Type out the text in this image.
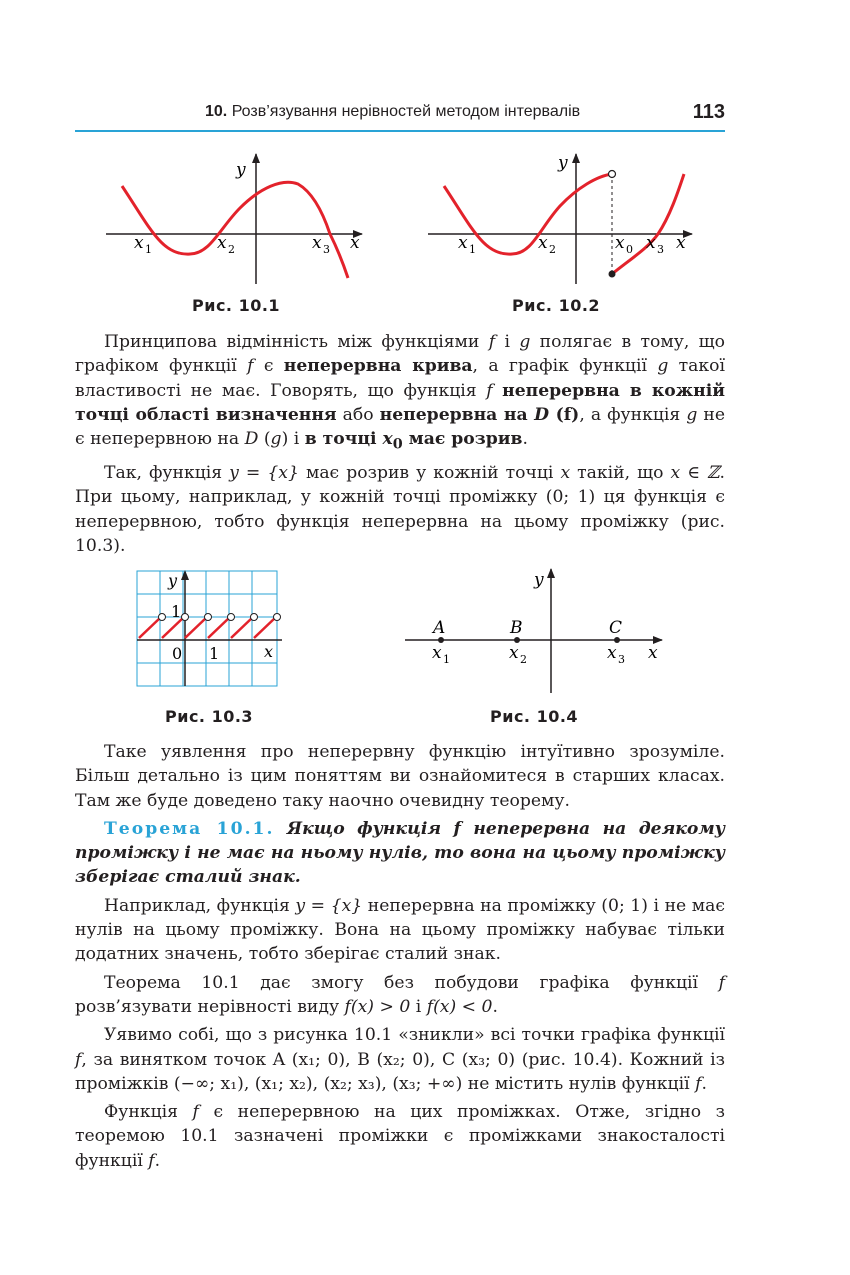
10. Розв’язування нерівностей методом інтервалів	113
y
x
x 1	x 2	x 3
Рис. 10.1
y
x
x 1	x 2	x 0 x 3
Рис. 10.2

Принципова відмінність між функціями f і g полягає в тому, що графіком функції f є неперервна крива, а графік функції g такої властивості не має. Говорять, що функція f неперервна в кожній точці області визначення або неперервна на D (f), а функція g не є неперервною на D (g) і в точці $x_0$ має розрив.

Так, функція y = {x} має розрив у кожній точці x такій, що x ∈ ℤ. При цьому, наприклад, у кожній точці проміжку (0; 1) ця функція є неперервною, тобто функція неперервна на цьому проміжку (рис. 10.3).

y
1
0 1	x
Рис. 10.3
y
A	B	C
x 1	x 2	x 3 x
Рис. 10.4

Таке уявлення про неперервну функцію інтуїтивно зрозуміле. Більш детально із цим поняттям ви ознайомитеся в старших класах. Там же буде доведено таку наочно очевидну теорему.

Теорема 10.1. Якщо функція f неперервна на деякому проміжку і не має на ньому нулів, то вона на цьому проміжку зберігає сталий знак.

Наприклад, функція y = {x} неперервна на проміжку (0; 1) і не має нулів на цьому проміжку. Вона на цьому проміжку набуває тільки додатних значень, тобто зберігає сталий знак.

Теорема 10.1 дає змогу без побудови графіка функції f розв’язувати нерівності виду f(x) > 0 і f(x) < 0.

Уявимо собі, що з рисунка 10.1 «зникли» всі точки графіка функції f, за винятком точок A (x₁; 0), B (x₂; 0), C (x₃; 0) (рис. 10.4). Кожний із проміжків (−∞; x₁), (x₁; x₂), (x₂; x₃), (x₃; +∞) не містить нулів функції f.

Функція f є неперервною на цих проміжках. Отже, згідно з теоремою 10.1 зазначені проміжки є проміжками знакосталості функції f.
